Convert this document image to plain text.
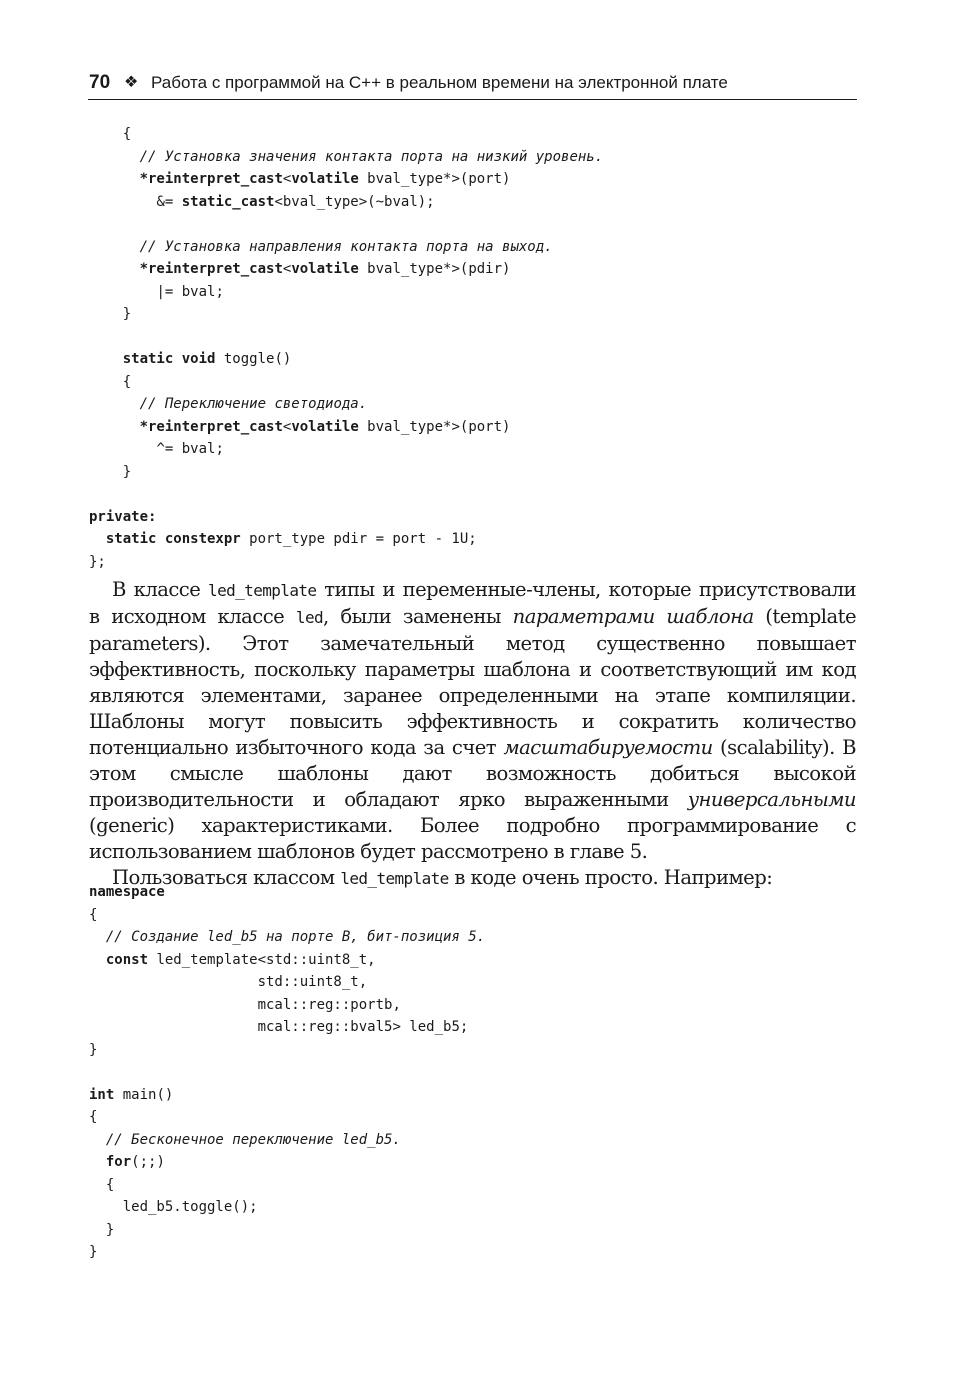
70 ❖ Работа с программой на C++ в реальном времени на электронной плате
{
// Установка значения контакта порта на низкий уровень.
*reinterpret_cast<volatile bval_type*>(port)
&= static_cast<bval_type>(~bval);

// Установка направления контакта порта на выход.
*reinterpret_cast<volatile bval_type*>(pdir)
|= bval;
}

static void toggle()
{
// Переключение светодиода.
*reinterpret_cast<volatile bval_type*>(port)
^= bval;
}

private:
static constexpr port_type pdir = port - 1U;
};

В классе led_template типы и переменные-члены, которые присутствовали в исходном классе led, были заменены параметрами шаблона (template parameters). Этот замечательный метод существенно повышает эффективность, поскольку параметры шаблона и соответствующий им код являются элементами, заранее определенными на этапе компиляции. Шаблоны могут повысить эффективность и сократить количество потенциально избыточного кода за счет масштабируемости (scalability). В этом смысле шаблоны дают возможность добиться высокой производительности и обладают ярко выраженными универсальными (generic) характеристиками. Более подробно программирование с использованием шаблонов будет рассмотрено в главе 5.

Пользоваться классом led_template в коде очень просто. Например:

namespace
{
// Создание led_b5 на порте B, бит-позиция 5.
const led_template<std::uint8_t,
std::uint8_t,
mcal::reg::portb,
mcal::reg::bval5> led_b5;
}

int main()
{
// Бесконечное переключение led_b5.
for(;;)
{
led_b5.toggle();
}
}
